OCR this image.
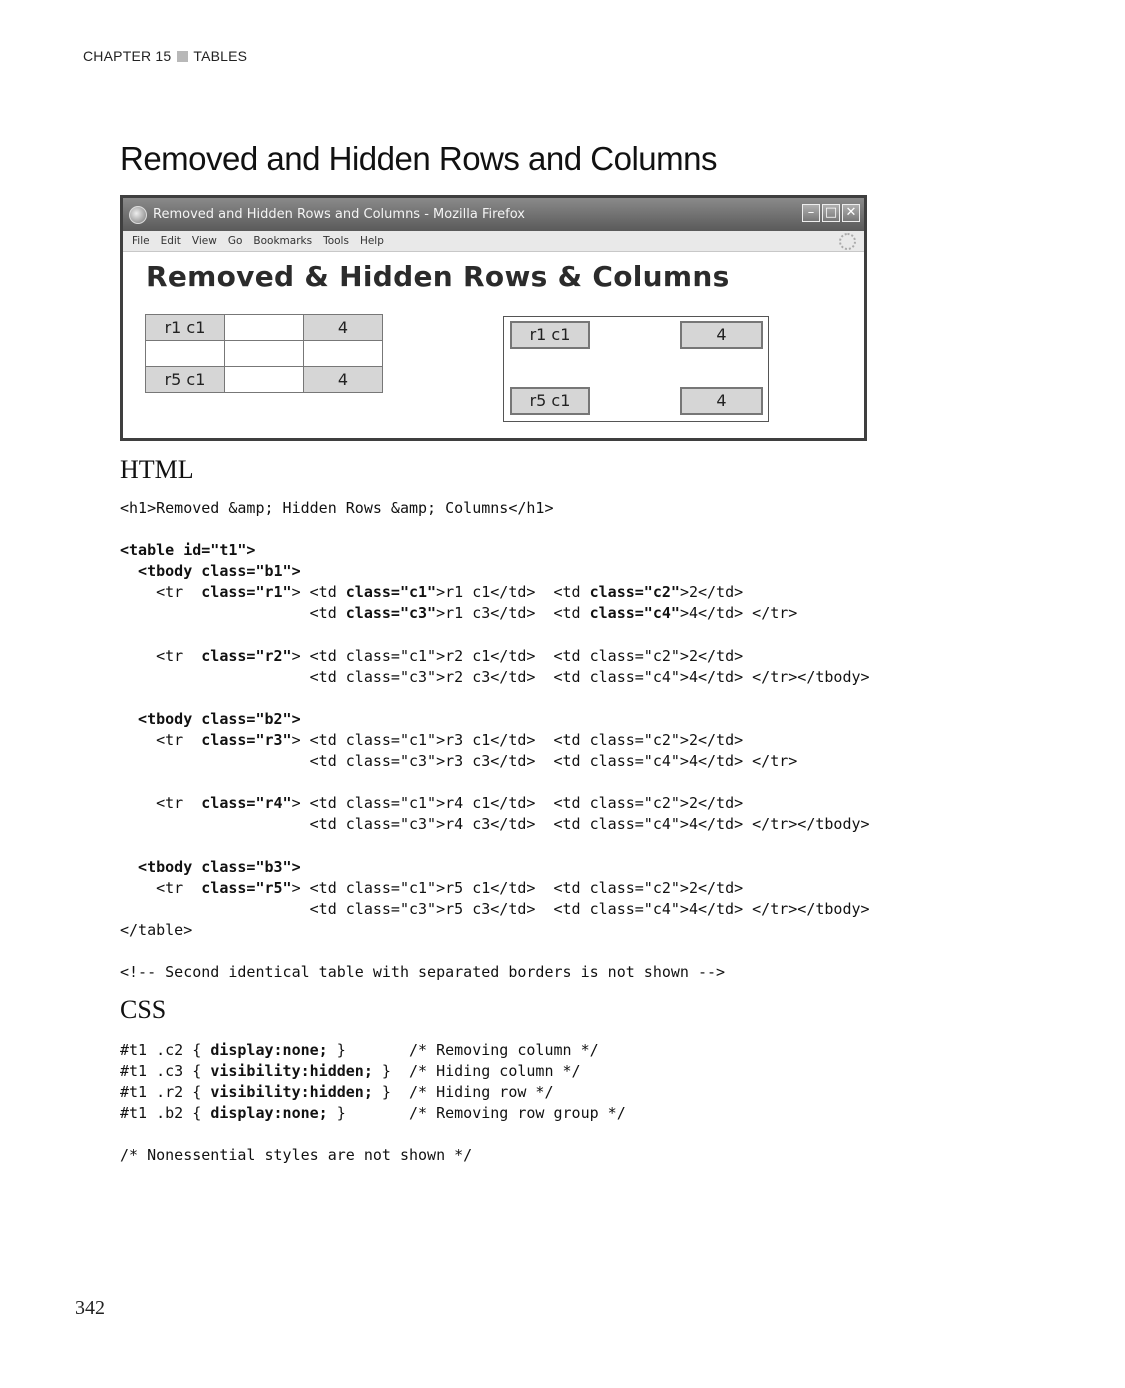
CHAPTER 15 TABLES
Removed and Hidden Rows and Columns
Removed and Hidden Rows and Columns - Mozilla Firefox	– □ ✕
File Edit View Go Bookmarks Tools Help
Removed & Hidden Rows & Columns
r1 c1		4

r5 c1		4
r1 c1	4
r5 c1	4
HTML
<h1>Removed &amp; Hidden Rows &amp; Columns</h1>

<table id="t1">
<tbody class="b1">
<tr  class="r1"> <td class="c1">r1 c1</td>  <td class="c2">2</td>
<td class="c3">r1 c3</td>  <td class="c4">4</td> </tr>

<tr  class="r2"> <td class="c1">r2 c1</td>  <td class="c2">2</td>
<td class="c3">r2 c3</td>  <td class="c4">4</td> </tr></tbody>

<tbody class="b2">
<tr  class="r3"> <td class="c1">r3 c1</td>  <td class="c2">2</td>
<td class="c3">r3 c3</td>  <td class="c4">4</td> </tr>

<tr  class="r4"> <td class="c1">r4 c1</td>  <td class="c2">2</td>
<td class="c3">r4 c3</td>  <td class="c4">4</td> </tr></tbody>

<tbody class="b3">
<tr  class="r5"> <td class="c1">r5 c1</td>  <td class="c2">2</td>
<td class="c3">r5 c3</td>  <td class="c4">4</td> </tr></tbody>
</table>

<!-- Second identical table with separated borders is not shown -->
CSS
#t1 .c2 { display:none; }       /* Removing column */
#t1 .c3 { visibility:hidden; }  /* Hiding column */
#t1 .r2 { visibility:hidden; }  /* Hiding row */
#t1 .b2 { display:none; }       /* Removing row group */

/* Nonessential styles are not shown */
342
